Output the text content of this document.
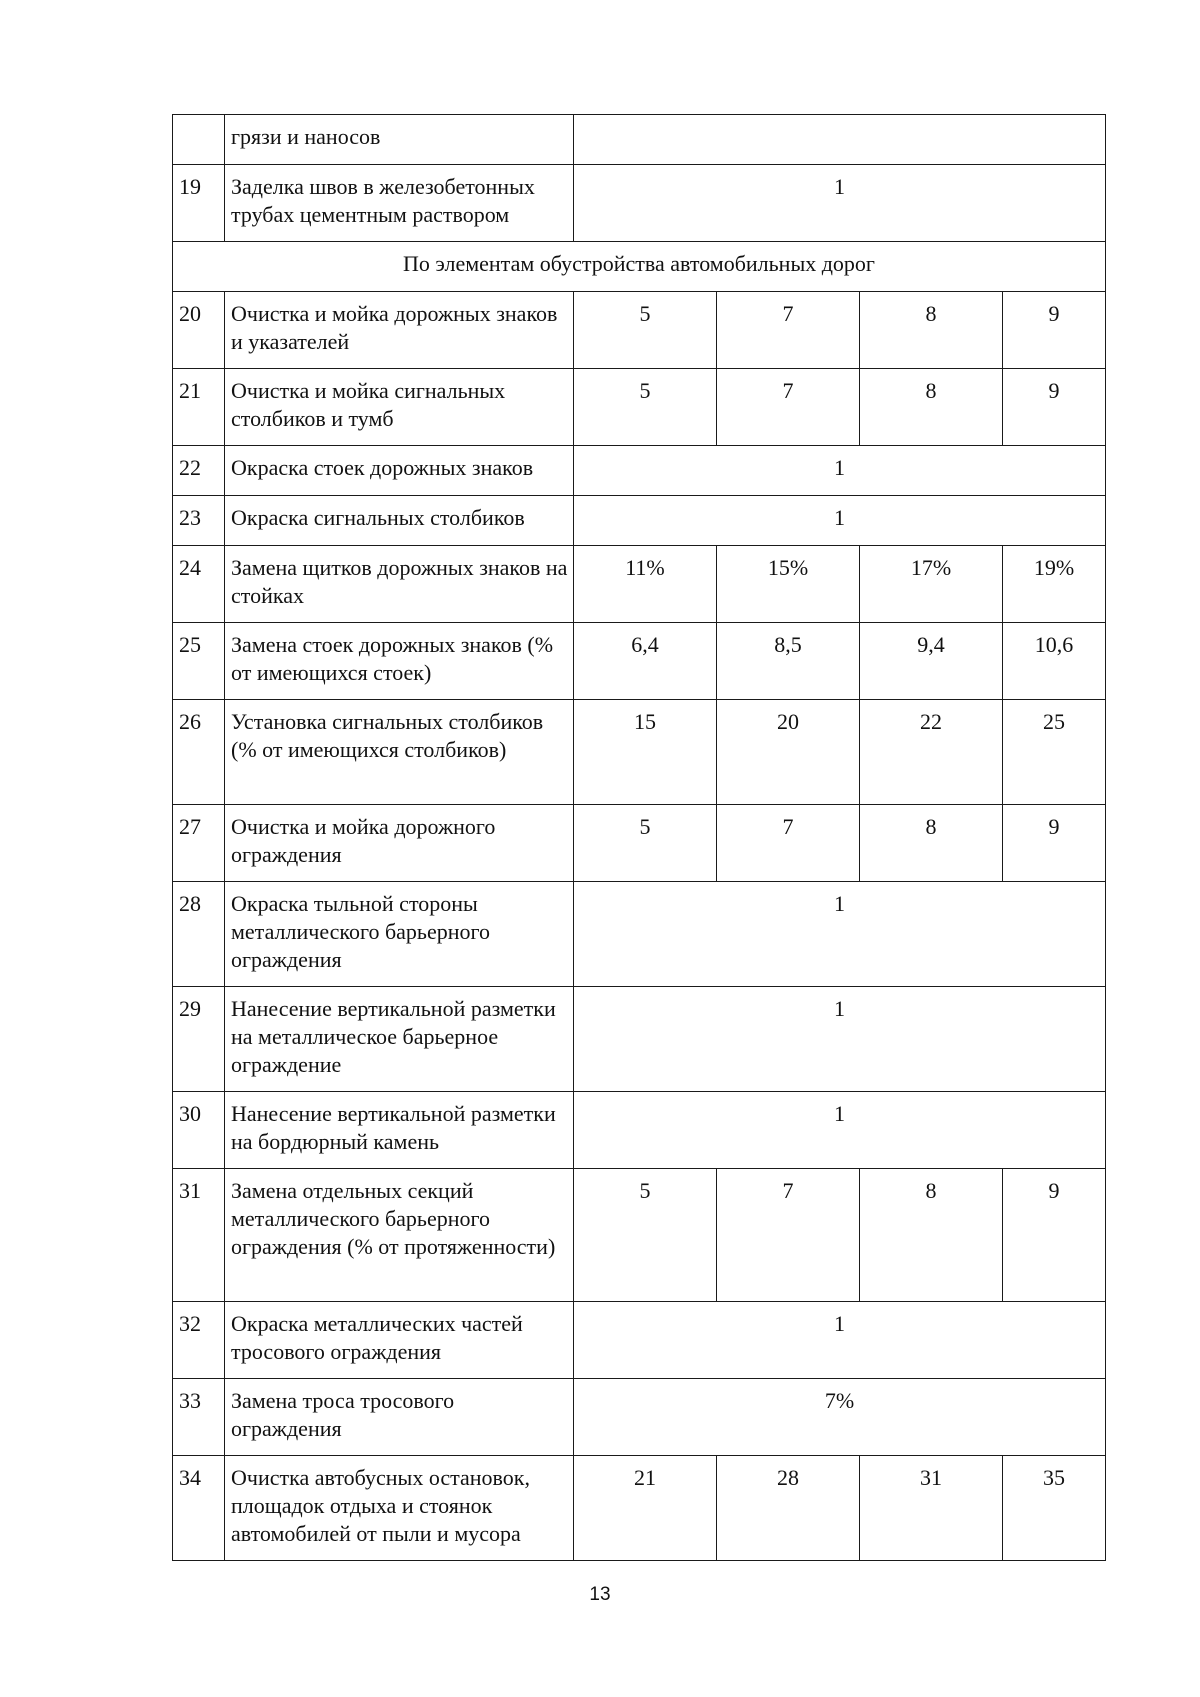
	грязи и наносов				
19	Заделка швов в железобетонных трубах цементным раствором	1			
По элементам обустройства автомобильных дорог					
20	Очистка и мойка дорожных знаков и указателей	5	7	8	9
21	Очистка и мойка сигнальных столбиков и тумб	5	7	8	9
22	Окраска стоек дорожных знаков	1			
23	Окраска сигнальных столбиков	1			
24	Замена щитков дорожных знаков на стойках	11%	15%	17%	19%
25	Замена стоек дорожных знаков (% от имеющихся стоек)	6,4	8,5	9,4	10,6
26	Установка сигнальных столбиков (% от имеющихся столбиков)	15	20	22	25
27	Очистка и мойка дорожного ограждения	5	7	8	9
28	Окраска тыльной стороны металлического барьерного ограждения	1			
29	Нанесение вертикальной разметки на металлическое барьерное ограждение	1			
30	Нанесение вертикальной разметки на бордюрный камень	1			
31	Замена отдельных секций металлического барьерного ограждения (% от протяженности)	5	7	8	9
32	Окраска металлических частей тросового ограждения	1			
33	Замена троса тросового ограждения	7%			
34	Очистка автобусных остановок, площадок отдыха и стоянок автомобилей от пыли и мусора	21	28	31	35
13
